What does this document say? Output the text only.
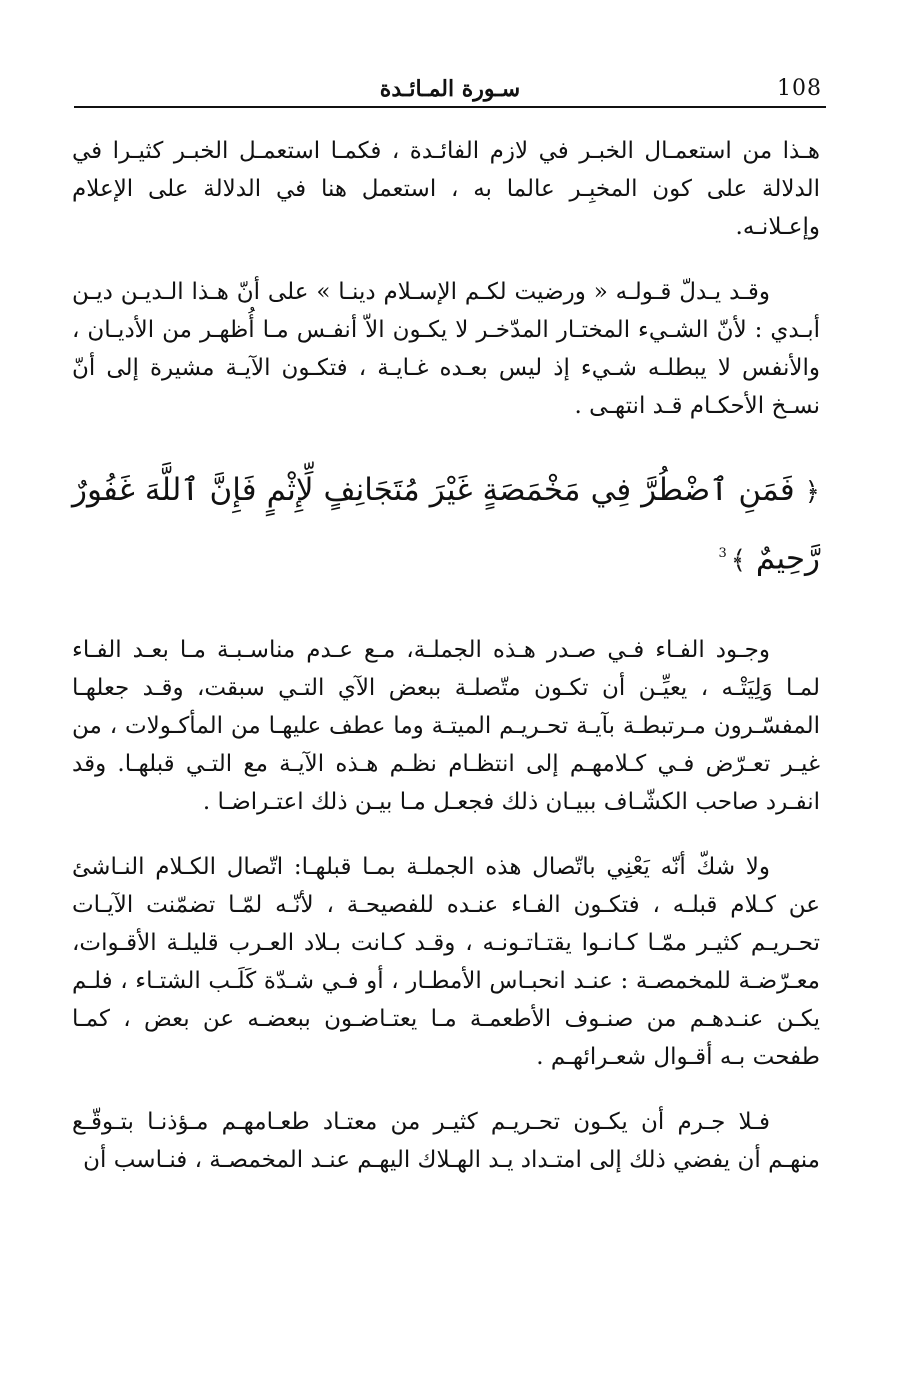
108
سـورة المـائـدة

هـذا من استعمـال الخبـر في لازم الفائـدة ، فكمـا استعمـل الخبـر كثيـرا في الدلالة على كون المخبِـر عالما به ، استعمل هنا في الدلالة على الإعلام وإعـلانـه.

وقـد يـدلّ قـولـه « ورضيت لكـم الإسـلام دينـا » على أنّ هـذا الـديـن ديـن أبـدي : لأنّ الشـيء المختـار المدّخـر لا يكـون الاّ أنفـس مـا أُظهـر من الأديـان ، والأنفس لا يبطلـه شـيء إذ ليس بعـده غـايـة ، فتكـون الآيـة مشيرة إلى أنّ نسـخ الأحكـام قـد انتهـى .

﴿ فَمَنِ ٱضْطُرَّ فِي مَخْمَصَةٍ غَيْرَ مُتَجَانِفٍ لِّإِثْمٍ فَإِنَّ ٱللَّهَ غَفُورٌ رَّحِيمٌ ﴾$^3$

وجـود الفـاء فـي صـدر هـذه الجملـة، مـع عـدم مناسـبـة مـا بعـد الفـاء لمـا وَلِيَتْـه ، يعيِّـن أن تكـون متّصلـة ببعض الآي التـي سبقت، وقـد جعلهـا المفسّـرون مـرتبطـة بآيـة تحـريـم الميتـة وما عطف عليهـا من المأكـولات ، من غيـر تعـرّض فـي كـلامهـم إلى انتظـام نظـم هـذه الآيـة مع التـي قبلهـا. وقد انفـرد صاحب الكشّـاف ببيـان ذلك فجعـل مـا بيـن ذلك اعتـراضـا .

ولا شكّ أنّه يَعْنِي باتّصال هذه الجملـة بمـا قبلهـا: اتّصال الكـلام النـاشئ عن كـلام قبلـه ، فتكـون الفـاء عنـده للفصيحـة ، لأنّـه لمّـا تضمّنت الآيـات تحـريـم كثيـر ممّـا كـانـوا يقتـاتـونـه ، وقـد كـانت بـلاد العـرب قليلـة الأقـوات، معـرّضـة للمخمصـة : عنـد انحبـاس الأمطـار ، أو فـي شـدّة كَلَـب الشتـاء ، فلـم يكـن عنـدهـم من صنـوف الأطعمـة مـا يعتـاضـون ببعضـه عن بعض ، كمـا طفحت بـه أقـوال شعـرائهـم .

فـلا جـرم أن يكـون تحـريـم كثيـر من معتـاد طعـامهـم مـؤذنـا بتـوقّـع منهـم أن يفضي ذلك إلى امتـداد يـد الهـلاك اليهـم عنـد المخمصـة ، فنـاسب أن
